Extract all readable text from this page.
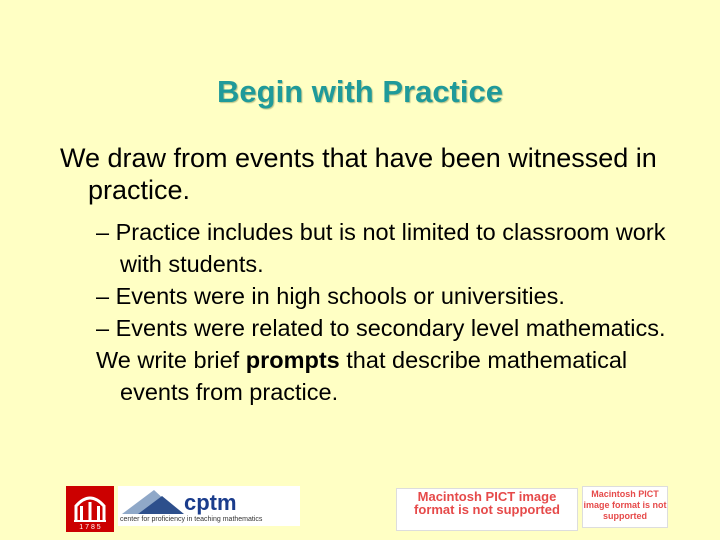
Begin with Practice

We draw from events that have been witnessed in practice.

– Practice includes but is not limited to classroom work with students.

– Events were in high schools or universities.

– Events were related to secondary level mathematics.

We write brief prompts that describe mathematical events from practice.

1 7 8 5
cptm
center for proficiency in teaching mathematics
Macintosh PICT image format is not supported
Macintosh PICT image format is not supported
